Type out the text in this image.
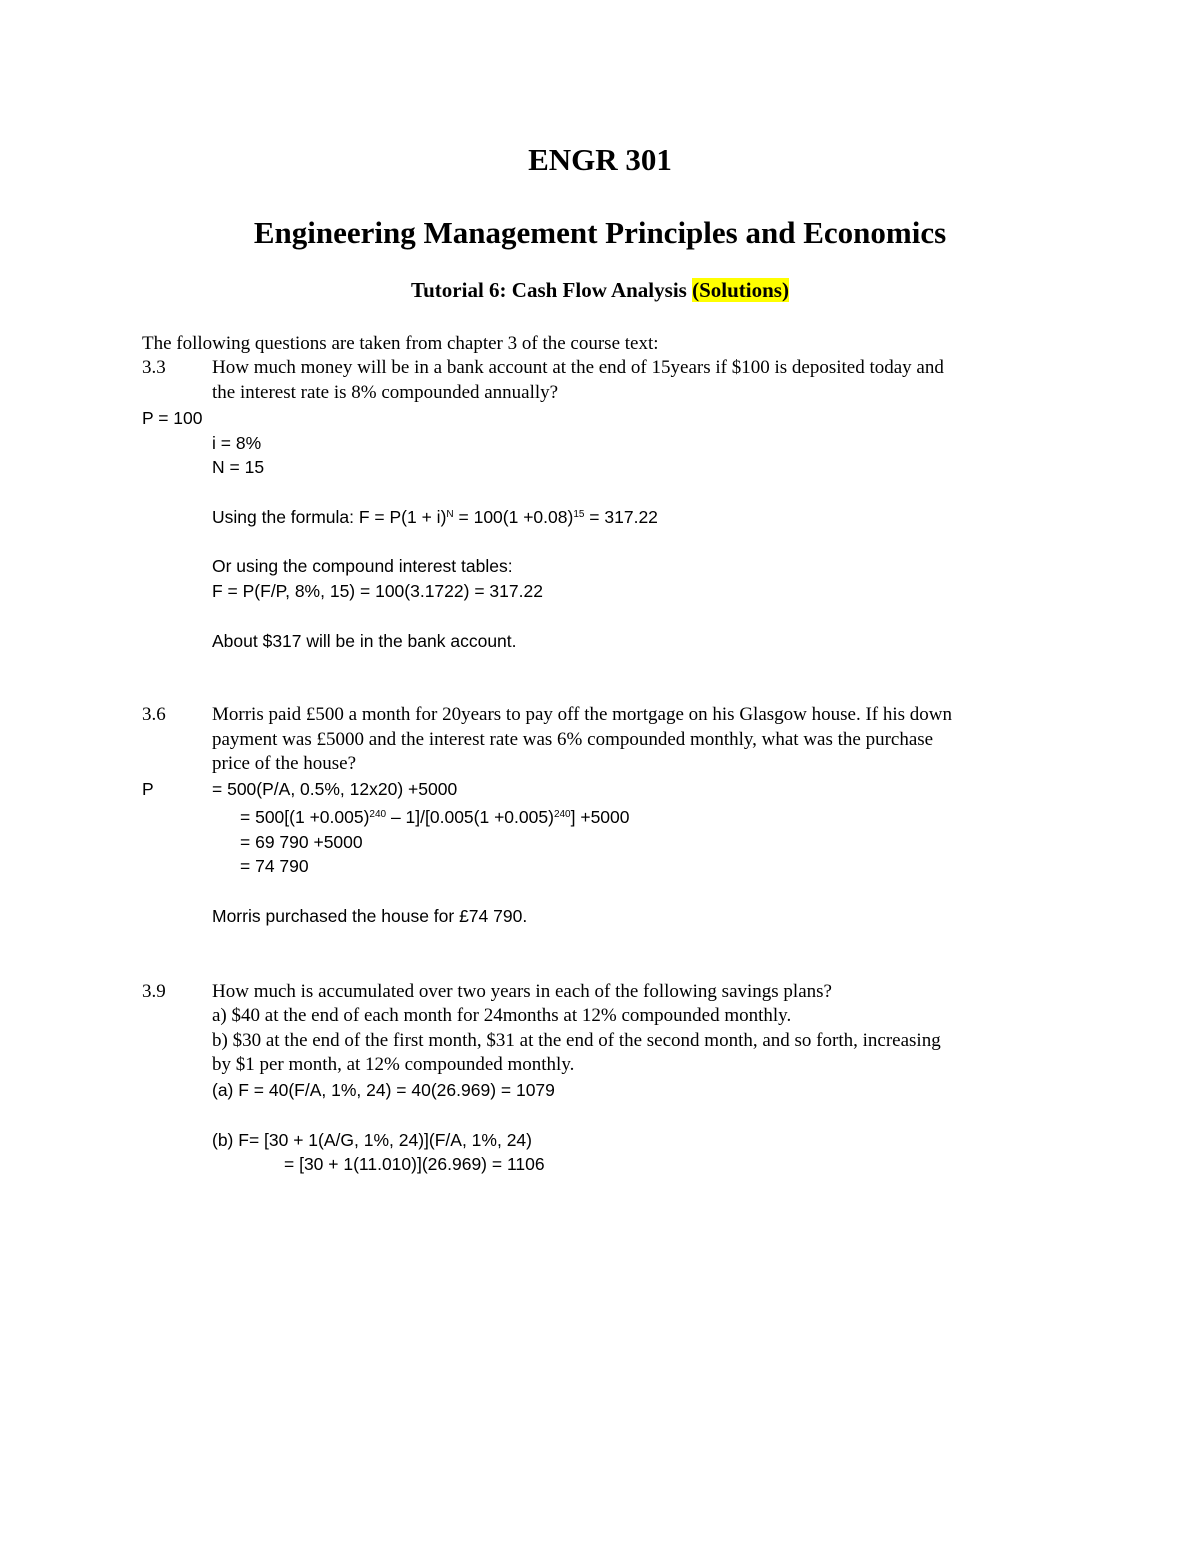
ENGR 301
Engineering Management Principles and Economics
Tutorial 6: Cash Flow Analysis (Solutions)
The following questions are taken from chapter 3 of the course text:
3.3 How much money will be in a bank account at the end of 15years if $100 is deposited today and
the interest rate is 8% compounded annually?
P = 100
i = 8%
N = 15
Using the formula: $F = P(1 + i)^N = 100(1 +0.08)^{15} = 317.22$
Or using the compound interest tables:
F = P(F/P, 8%, 15) = 100(3.1722) = 317.22
About $317 will be in the bank account.
3.6 Morris paid £500 a month for 20years to pay off the mortgage on his Glasgow house. If his down
payment was £5000 and the interest rate was 6% compounded monthly, what was the purchase
price of the house?
P	= 500(P/A, 0.5%, 12x20) +5000
= $500[(1 +0.005)^{240} - 1]/[0.005(1 +0.005)^{240}] +5000$
= 69 790 +5000
= 74 790
Morris purchased the house for £74 790.
3.9 How much is accumulated over two years in each of the following savings plans?
a) $40 at the end of each month for 24months at 12% compounded monthly.
b) $30 at the end of the first month, $31 at the end of the second month, and so forth, increasing
by $1 per month, at 12% compounded monthly.
(a) F = 40(F/A, 1%, 24) = 40(26.969) = 1079
(b) F= [30 + 1(A/G, 1%, 24)](F/A, 1%, 24)
= [30 + 1(11.010)](26.969) = 1106
